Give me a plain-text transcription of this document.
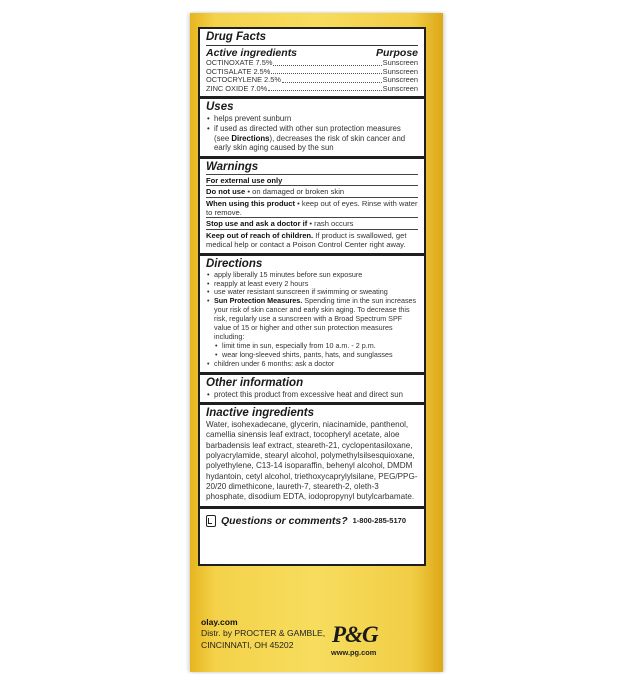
Drug Facts
Active ingredients	Purpose
OCTINOXATE 7.5%	Sunscreen
OCTISALATE 2.5%	Sunscreen
OCTOCRYLENE 2.5%	Sunscreen
ZINC OXIDE 7.0%	Sunscreen
Uses
• helps prevent sunburn
• if used as directed with other sun protection measures (see Directions), decreases the risk of skin cancer and early skin aging caused by the sun
Warnings
For external use only
Do not use • on damaged or broken skin
When using this product • keep out of eyes. Rinse with water to remove.
Stop use and ask a doctor if • rash occurs
Keep out of reach of children. If product is swallowed, get medical help or contact a Poison Control Center right away.
Directions
• apply liberally 15 minutes before sun exposure
• reapply at least every 2 hours
• use water resistant sunscreen if swimming or sweating
• Sun Protection Measures. Spending time in the sun increases your risk of skin cancer and early skin aging. To decrease this risk, regularly use a sunscreen with a Broad Spectrum SPF value of 15 or higher and other sun protection measures including:
• limit time in sun, especially from 10 a.m. - 2 p.m.
• wear long-sleeved shirts, pants, hats, and sunglasses
• children under 6 months: ask a doctor
Other information
• protect this product from excessive heat and direct sun
Inactive ingredients
Water, isohexadecane, glycerin, niacinamide, panthenol, camellia sinensis leaf extract, tocopheryl acetate, aloe barbadensis leaf extract, steareth-21, cyclopentasiloxane, polyacrylamide, stearyl alcohol, polymethylsilsesquioxane, polyethylene, C13-14 isoparaffin, behenyl alcohol, DMDM hydantoin, cetyl alcohol, triethoxycaprylylsilane, PEG/PPG-20/20 dimethicone, laureth-7, steareth-2, oleth-3 phosphate, disodium EDTA, iodopropynyl butylcarbamate.
Questions or comments? 1-800-285-5170
olay.com
Distr. by PROCTER & GAMBLE,
CINCINNATI, OH 45202	P&G
www.pg.com
